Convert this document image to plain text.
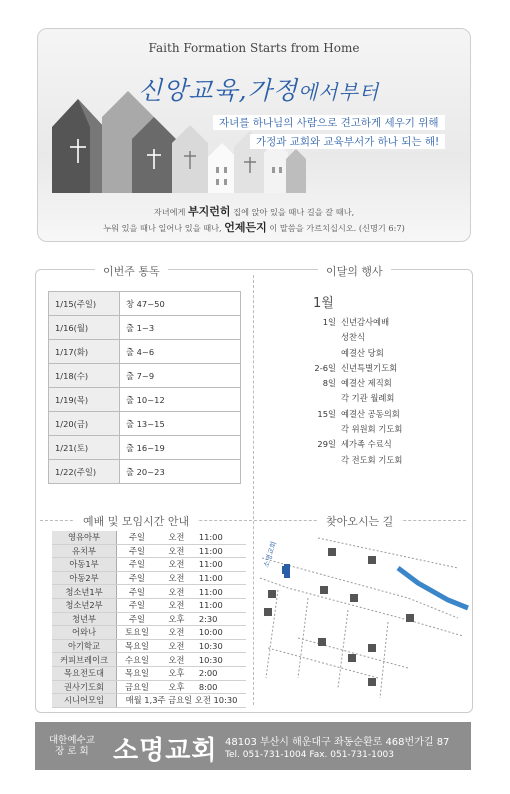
Faith Formation Starts from Home
신앙교육,가정에서부터
자녀를 하나님의 사람으로 견고하게 세우기 위해
가정과 교회와 교육부서가 하나 되는 해!
자녀에게 부지런히 집에 앉아 있을 때나 길을 갈 때나,
누워 있을 때나 일어나 있을 때나, 언제든지 이 말씀을 가르치십시오. (신명기 6:7)
이번주 통독
1/15(주일)	창 47~50
1/16(월)	출 1~3
1/17(화)	출 4~6
1/18(수)	출 7~9
1/19(목)	출 10~12
1/20(금)	출 13~15
1/21(토)	출 16~19
1/22(주일)	출 20~23
이달의 행사
1월
1일 신년감사예배
성찬식
예결산 당회
2-6일 신년특별기도회
8일 예결산 제직회
각 기관 월례회
15일 예결산 공동의회
각 위원회 기도회
29일 세가족 수료식
각 전도회 기도회
예배 및 모임시간 안내
영유아부	주일	오전	11:00
유치부	주일	오전	11:00
아동1부	주일	오전	11:00
아동2부	주일	오전	11:00
청소년1부	주일	오전	11:00
청소년2부	주일	오전	11:00
청년부	주일	오후	2:30
어와나	토요일	오전	10:00
아기학교	목요일	오전	10:30
커피브레이크	수요일	오전	10:30
목요전도대	목요일	오후	2:00
권사기도회	금요일	오후	8:00
시니어모임	매월 1,3주 금요일 오전 10:30		
찾아오시는 길
소명교회
대한예수교
장 로 회 소명교회 48103 부산시 해운대구 좌동순환로 468번가길 87
Tel. 051-731-1004 Fax. 051-731-1003
